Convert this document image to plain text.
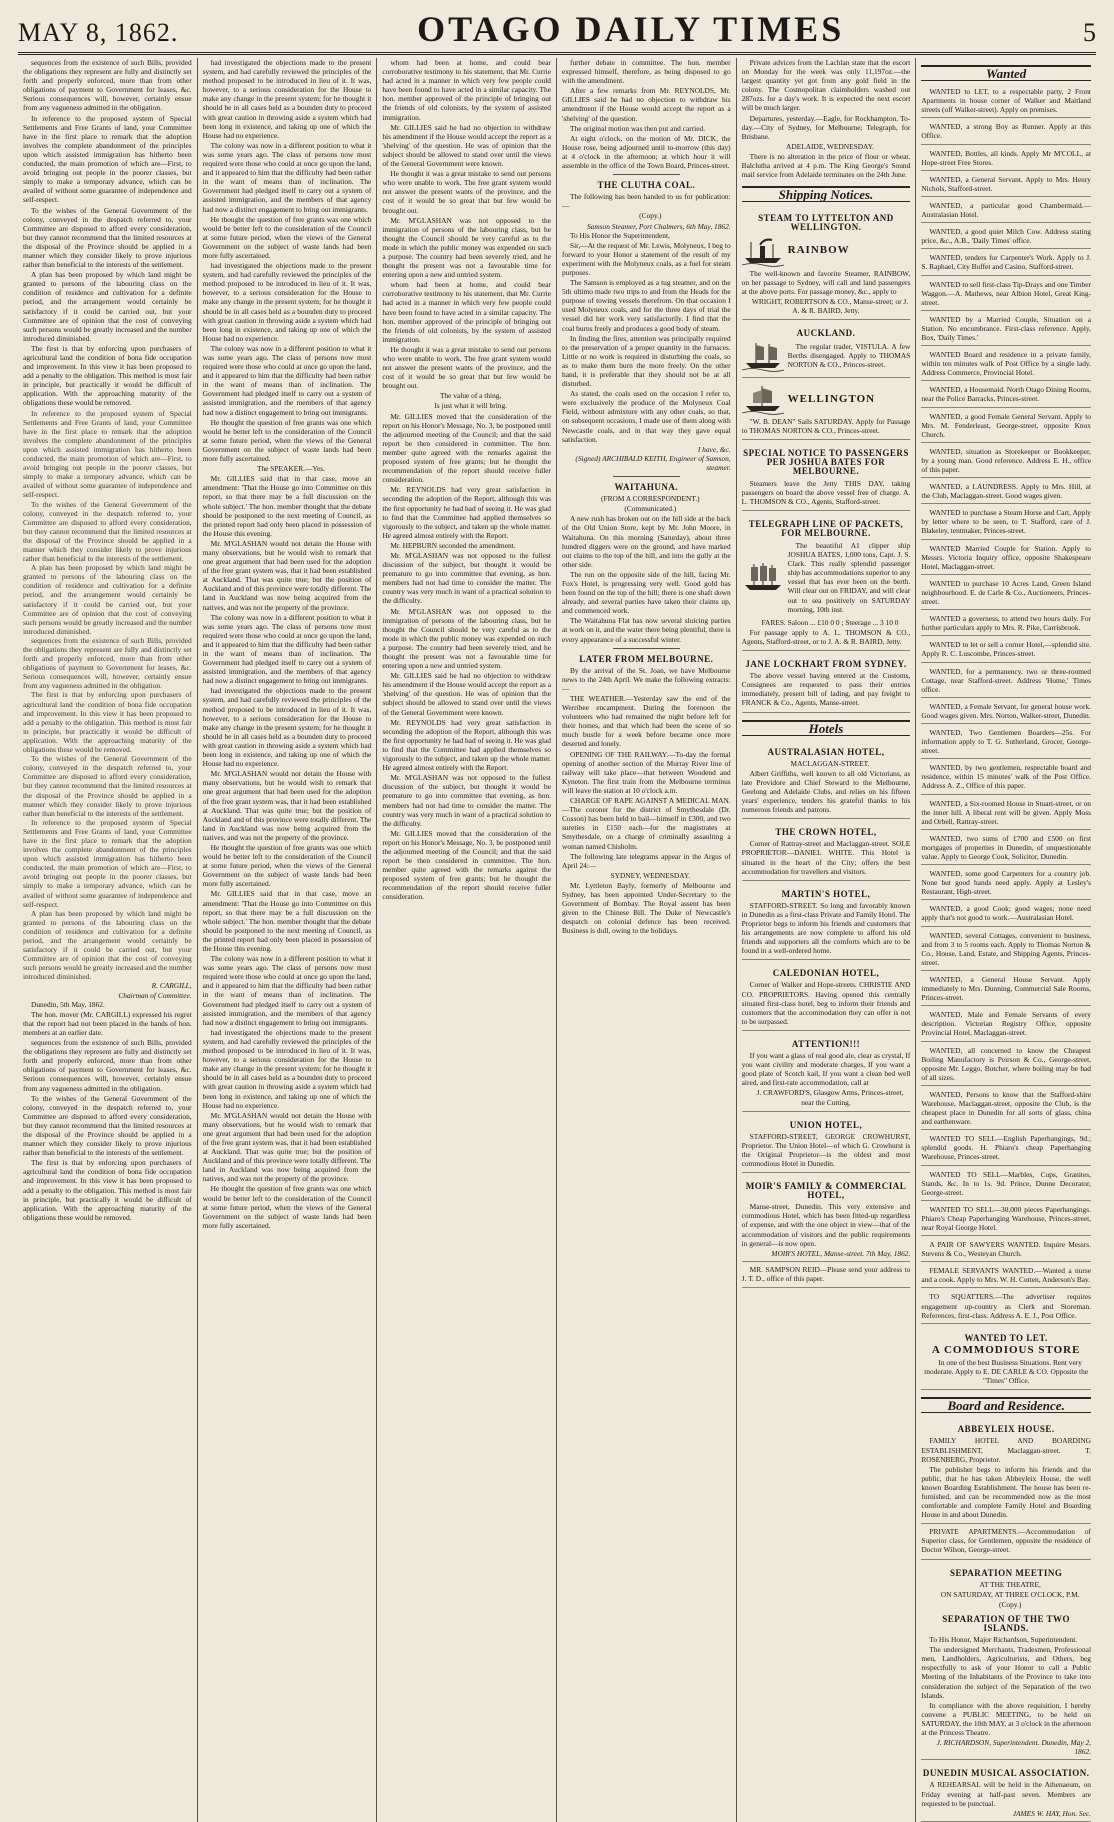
MAY 8, 1862.	OTAGO DAILY TIMES	5

sequences from the existence of such Bills, provided the obligations they represent are fully and distinctly set forth and properly enforced, more than from other obligations of payment to Government for leases, &c. Serious consequences will, however, certainly ensue from any vagueness admitted in the obligation.

In reference to the proposed system of Special Settlements and Free Grants of land, your Committee have in the first place to remark that the adoption involves the complete abandonment of the principles upon which assisted immigration has hitherto been conducted, the main promotion of which are—First, to avoid bringing out people in the poorer classes, but simply to make a temporary advance, which can be availed of without some guarantee of independence and self-respect.

To the wishes of the General Government of the colony, conveyed in the despatch referred to, your Committee are disposed to afford every consideration, but they cannot recommend that the limited resources at the disposal of the Province should be applied in a manner which they consider likely to prove injurious rather than beneficial to the interests of the settlement.

A plan has been proposed by which land might be granted to persons of the labouring class on the condition of residence and cultivation for a definite period, and the arrangement would certainly be satisfactory if it could be carried out, but your Committee are of opinion that the cost of conveying such persons would be greatly increased and the number introduced diminished.

The first is that by enforcing upon purchasers of agricultural land the condition of bona fide occupation and improvement. In this view it has been proposed to add a penalty to the obligation. This method is most fair in principle, but practically it would be difficult of application. With the approaching maturity of the obligations these would be removed.

In reference to the proposed system of Special Settlements and Free Grants of land, your Committee have in the first place to remark that the adoption involves the complete abandonment of the principles upon which assisted immigration has hitherto been conducted, the main promotion of which are—First, to avoid bringing out people in the poorer classes, but simply to make a temporary advance, which can be availed of without some guarantee of independence and self-respect.

To the wishes of the General Government of the colony, conveyed in the despatch referred to, your Committee are disposed to afford every consideration, but they cannot recommend that the limited resources at the disposal of the Province should be applied in a manner which they consider likely to prove injurious rather than beneficial to the interests of the settlement.

A plan has been proposed by which land might be granted to persons of the labouring class on the condition of residence and cultivation for a definite period, and the arrangement would certainly be satisfactory if it could be carried out, but your Committee are of opinion that the cost of conveying such persons would be greatly increased and the number introduced diminished.

sequences from the existence of such Bills, provided the obligations they represent are fully and distinctly set forth and properly enforced, more than from other obligations of payment to Government for leases, &c. Serious consequences will, however, certainly ensue from any vagueness admitted in the obligation.

The first is that by enforcing upon purchasers of agricultural land the condition of bona fide occupation and improvement. In this view it has been proposed to add a penalty to the obligation. This method is most fair in principle, but practically it would be difficult of application. With the approaching maturity of the obligations these would be removed.

To the wishes of the General Government of the colony, conveyed in the despatch referred to, your Committee are disposed to afford every consideration, but they cannot recommend that the limited resources at the disposal of the Province should be applied in a manner which they consider likely to prove injurious rather than beneficial to the interests of the settlement.

In reference to the proposed system of Special Settlements and Free Grants of land, your Committee have in the first place to remark that the adoption involves the complete abandonment of the principles upon which assisted immigration has hitherto been conducted, the main promotion of which are—First, to avoid bringing out people in the poorer classes, but simply to make a temporary advance, which can be availed of without some guarantee of independence and self-respect.

A plan has been proposed by which land might be granted to persons of the labouring class on the condition of residence and cultivation for a definite period, and the arrangement would certainly be satisfactory if it could be carried out, but your Committee are of opinion that the cost of conveying such persons would be greatly increased and the number introduced diminished.

R. CARGILL,
Chairman of Committee.

Dunedin, 5th May, 1862.

The hon. mover (Mr. CARGILL) expressed his regret that the report had not been placed in the hands of hon. members at an earlier date.

sequences from the existence of such Bills, provided the obligations they represent are fully and distinctly set forth and properly enforced, more than from other obligations of payment to Government for leases, &c. Serious consequences will, however, certainly ensue from any vagueness admitted in the obligation.

To the wishes of the General Government of the colony, conveyed in the despatch referred to, your Committee are disposed to afford every consideration, but they cannot recommend that the limited resources at the disposal of the Province should be applied in a manner which they consider likely to prove injurious rather than beneficial to the interests of the settlement.

The first is that by enforcing upon purchasers of agricultural land the condition of bona fide occupation and improvement. In this view it has been proposed to add a penalty to the obligation. This method is most fair in principle, but practically it would be difficult of application. With the approaching maturity of the obligations these would be removed.

had investigated the objections made to the present system, and had carefully reviewed the principles of the method proposed to be introduced in lieu of it. It was, however, to a serious consideration for the House to make any change in the present system; for he thought it should be in all cases held as a bounden duty to proceed with great caution in throwing aside a system which had been long in existence, and taking up one of which the House had no experience.

The colony was now in a different position to what it was some years ago. The class of persons now most required were those who could at once go upon the land, and it appeared to him that the difficulty had been rather in the want of means than of inclination. The Government had pledged itself to carry out a system of assisted immigration, and the members of that agency had now a distinct engagement to bring out immigrants.

He thought the question of free grants was one which would be better left to the consideration of the Council at some future period, when the views of the General Government on the subject of waste lands had been more fully ascertained.

had investigated the objections made to the present system, and had carefully reviewed the principles of the method proposed to be introduced in lieu of it. It was, however, to a serious consideration for the House to make any change in the present system; for he thought it should be in all cases held as a bounden duty to proceed with great caution in throwing aside a system which had been long in existence, and taking up one of which the House had no experience.

The colony was now in a different position to what it was some years ago. The class of persons now most required were those who could at once go upon the land, and it appeared to him that the difficulty had been rather in the want of means than of inclination. The Government had pledged itself to carry out a system of assisted immigration, and the members of that agency had now a distinct engagement to bring out immigrants.

He thought the question of free grants was one which would be better left to the consideration of the Council at some future period, when the views of the General Government on the subject of waste lands had been more fully ascertained.

The SPEAKER.—Yes.

Mr. GILLIES said that in that case, move an amendment: 'That the House go into Committee on this report, so that there may be a full discussion on the whole subject.' The hon. member thought that the debate should be postponed to the next meeting of Council, as the printed report had only been placed in possession of the House this evening.

Mr. M'GLASHAN would not detain the House with many observations, but he would wish to remark that one great argument that had been used for the adoption of the free grant system was, that it had been established at Auckland. That was quite true; but the position of Auckland and of this province were totally different. The land in Auckland was now being acquired from the natives, and was not the property of the province.

The colony was now in a different position to what it was some years ago. The class of persons now most required were those who could at once go upon the land, and it appeared to him that the difficulty had been rather in the want of means than of inclination. The Government had pledged itself to carry out a system of assisted immigration, and the members of that agency had now a distinct engagement to bring out immigrants.

had investigated the objections made to the present system, and had carefully reviewed the principles of the method proposed to be introduced in lieu of it. It was, however, to a serious consideration for the House to make any change in the present system; for he thought it should be in all cases held as a bounden duty to proceed with great caution in throwing aside a system which had been long in existence, and taking up one of which the House had no experience.

Mr. M'GLASHAN would not detain the House with many observations, but he would wish to remark that one great argument that had been used for the adoption of the free grant system was, that it had been established at Auckland. That was quite true; but the position of Auckland and of this province were totally different. The land in Auckland was now being acquired from the natives, and was not the property of the province.

He thought the question of free grants was one which would be better left to the consideration of the Council at some future period, when the views of the General Government on the subject of waste lands had been more fully ascertained.

Mr. GILLIES said that in that case, move an amendment: 'That the House go into Committee on this report, so that there may be a full discussion on the whole subject.' The hon. member thought that the debate should be postponed to the next meeting of Council, as the printed report had only been placed in possession of the House this evening.

The colony was now in a different position to what it was some years ago. The class of persons now most required were those who could at once go upon the land, and it appeared to him that the difficulty had been rather in the want of means than of inclination. The Government had pledged itself to carry out a system of assisted immigration, and the members of that agency had now a distinct engagement to bring out immigrants.

had investigated the objections made to the present system, and had carefully reviewed the principles of the method proposed to be introduced in lieu of it. It was, however, to a serious consideration for the House to make any change in the present system; for he thought it should be in all cases held as a bounden duty to proceed with great caution in throwing aside a system which had been long in existence, and taking up one of which the House had no experience.

Mr. M'GLASHAN would not detain the House with many observations, but he would wish to remark that one great argument that had been used for the adoption of the free grant system was, that it had been established at Auckland. That was quite true; but the position of Auckland and of this province were totally different. The land in Auckland was now being acquired from the natives, and was not the property of the province.

He thought the question of free grants was one which would be better left to the consideration of the Council at some future period, when the views of the General Government on the subject of waste lands had been more fully ascertained.

whom had been at home, and could bear corroborative testimony to his statement, that Mr. Currie had acted in a manner in which very few people could have been found to have acted in a similar capacity. The hon. member approved of the principle of bringing out the friends of old colonists, by the system of assisted immigration.

Mr. GILLIES said he had no objection to withdraw his amendment if the House would accept the report as a 'shelving' of the question. He was of opinion that the subject should be allowed to stand over until the views of the General Government were known.

He thought it was a great mistake to send out persons who were unable to work. The free grant system would not answer the present wants of the province, and the cost of it would be so great that but few would be brought out.

Mr. M'GLASHAN was not opposed to the immigration of persons of the labouring class, but he thought the Council should be very careful as to the mode in which the public money was expended on such a purpose. The country had been severely tried, and he thought the present was not a favourable time for entering upon a new and untried system.

whom had been at home, and could bear corroborative testimony to his statement, that Mr. Currie had acted in a manner in which very few people could have been found to have acted in a similar capacity. The hon. member approved of the principle of bringing out the friends of old colonists, by the system of assisted immigration.

He thought it was a great mistake to send out persons who were unable to work. The free grant system would not answer the present wants of the province, and the cost of it would be so great that but few would be brought out.

The value of a thing,

Is just what it will bring.

Mr. GILLIES moved that the consideration of the report on his Honor's Message, No. 3, be postponed until the adjourned meeting of the Council; and that the said report be then considered in committee. The hon. member quite agreed with the remarks against the proposed system of free grants; but he thought the recommendation of the report should receive fuller consideration.

Mr. REYNOLDS had very great satisfaction in seconding the adoption of the Report, although this was the first opportunity he had had of seeing it. He was glad to find that the Committee had applied themselves so vigorously to the subject, and taken up the whole matter. He agreed almost entirely with the Report.

Mr. HEPBURN seconded the amendment.

Mr. M'GLASHAN was not opposed to the fullest discussion of the subject, but thought it would be premature to go into committee that evening, as hon. members had not had time to consider the matter. The country was very much in want of a practical solution to the difficulty.

Mr. M'GLASHAN was not opposed to the immigration of persons of the labouring class, but he thought the Council should be very careful as to the mode in which the public money was expended on such a purpose. The country had been severely tried, and he thought the present was not a favourable time for entering upon a new and untried system.

Mr. GILLIES said he had no objection to withdraw his amendment if the House would accept the report as a 'shelving' of the question. He was of opinion that the subject should be allowed to stand over until the views of the General Government were known.

Mr. REYNOLDS had very great satisfaction in seconding the adoption of the Report, although this was the first opportunity he had had of seeing it. He was glad to find that the Committee had applied themselves so vigorously to the subject, and taken up the whole matter. He agreed almost entirely with the Report.

Mr. M'GLASHAN was not opposed to the fullest discussion of the subject, but thought it would be premature to go into committee that evening, as hon. members had not had time to consider the matter. The country was very much in want of a practical solution to the difficulty.

Mr. GILLIES moved that the consideration of the report on his Honor's Message, No. 3, be postponed until the adjourned meeting of the Council; and that the said report be then considered in committee. The hon. member quite agreed with the remarks against the proposed system of free grants; but he thought the recommendation of the report should receive fuller consideration.

further debate in committee. The hon. member expressed himself, therefore, as being disposed to go with the amendment.

After a few remarks from Mr. REYNOLDS, Mr. GILLIES said he had no objection to withdraw his amendment if the House would accept the report as a 'shelving' of the question.

The original motion was then put and carried.

At eight o'clock, on the motion of Mr. DICK, the House rose, being adjourned until to-morrow (this day) at 4 o'clock in the afternoon; at which hour it will assemble in the office of the Town Board, Princes-street.

THE CLUTHA COAL.

The following has been handed to us for publication:—

(Copy.)

Samson Steamer, Port Chalmers, 6th May, 1862.

To His Honor the Superintendent,

Sir,—At the request of Mr. Lewis, Molyneux, I beg to forward to your Honor a statement of the result of my experiment with the Molyneux coals, as a fuel for steam purposes.

The Samson is employed as a tug steamer, and on the 5th ultimo made two trips to and from the Heads for the purpose of towing vessels therefrom. On that occasion I used Molyneux coals, and for the three days of trial the vessel did her work very satisfactorily. I find that the coal burns freely and produces a good body of steam.

In finding the fires, attention was principally required to the preservation of a proper quantity in the furnaces. Little or no work is required in disturbing the coals, so as to make them burn the more freely. On the other hand, it is preferable that they should not be at all disturbed.

As stated, the coals used on the occasion I refer to, were exclusively the produce of the Molyneux Coal Field, without admixture with any other coals, so that, on subsequent occasions, I made use of them along with Newcastle coals, and in that way they gave equal satisfaction.

I have, &c.
(Signed) ARCHIBALD KEITH, Engineer of Samson, steamer.
WAITAHUNA.

(FROM A CORRESPONDENT.)

(Communicated.)

A new rush has broken out on the hill side at the back of the Old Union Store, kept by Mr. John Moore, in Waitahuna. On this morning (Saturday), about three hundred diggers were on the ground, and have marked out claims to the top of the hill, and into the gully at the other side.

The run on the opposite side of the hill, facing Mr. Fox's Hotel, is progressing very well. Good gold has been found on the top of the hill; there is one shaft down already, and several parties have taken their claims up, and commenced work.

The Waitahuna Flat has now several sluicing parties at work on it, and the water there being plentiful, there is every appearance of a successful winter.

LATER FROM MELBOURNE.

By the arrival of the St. Joan, we have Melbourne news to the 24th April. We make the following extracts:—

THE WEATHER.—Yesterday saw the end of the Werribee encampment. During the forenoon the volunteers who had remained the night before left for their homes, and that which had been the scene of so much bustle for a week before became once more deserted and lonely.

OPENING OF THE RAILWAY.—To-day the formal opening of another section of the Murray River line of railway will take place—that between Woodend and Kyneton. The first train from the Melbourne terminus will leave the station at 10 o'clock a.m.

CHARGE OF RAPE AGAINST A MEDICAL MAN.—The coroner for the district of Smythesdale (Dr. Cosson) has been held to bail—himself in £300, and two sureties in £150 each—for the magistrates at Smythesdale, on a charge of criminally assaulting a woman named Chisholm.

The following late telegrams appear in the Argus of April 24:—

SYDNEY, WEDNESDAY.

Mr. Lyttleton Bayly, formerly of Melbourne and Sydney, has been appointed Under-Secretary to the Government of Bombay. The Royal assent has been given to the Chinese Bill. The Duke of Newcastle's despatch on colonial defence has been received. Business is dull, owing to the holidays.

Private advices from the Lachlan state that the escort on Monday for the week was only 11,197oz.—the largest quantity yet got from any gold field in the colony. The Cosmopolitan claimholders washed out 287ozs. for a day's work. It is expected the next escort will be much larger.

Departures, yesterday.—Eagle, for Rockhampton. To-day.—City of Sydney, for Melbourne; Telegraph, for Brisbane.

ADELAIDE, WEDNESDAY.

There is no alteration in the price of flour or wheat. Balclutha arrived at 4 p.m. The King George's Sound mail service from Adelaide terminates on the 24th June.

Shipping Notices.
STEAM TO LYTTELTON AND WELLINGTON.
RAINBOW

The well-known and favorite Steamer, RAINBOW, on her passage to Sydney, will call and land passengers at the above ports. For passage money, &c., apply to

WRIGHT, ROBERTSON & CO., Manse-street; or J. A. & R. BAIRD, Jetty.

AUCKLAND.

The regular trader, VISTULA. A few Berths disengaged. Apply to THOMAS NORTON & CO., Princes-street.

WELLINGTON

"W. B. DEAN" Sails SATURDAY. Apply for Passage to THOMAS NORTON & CO., Princes-street.

SPECIAL NOTICE TO PASSENGERS PER JOSHUA BATES FOR MELBOURNE.

Steamers leave the Jetty THIS DAY, taking passengers on board the above vessel free of charge. A. L. THOMSON & CO., Agents, Stafford-street.

TELEGRAPH LINE OF PACKETS, FOR MELBOURNE.

The beautiful A1 clipper ship JOSHUA BATES, 1,000 tons, Capt. J. S. Clark. This really splendid passenger ship has accommodations superior to any vessel that has ever been on the berth. Will clear out on FRIDAY, and will clear out to sea positively on SATURDAY morning, 10th inst.

FARES. Saloon ... £10 0 0 ; Steerage ... 3 10 0

For passage apply to A. L. THOMSON & CO., Agents, Stafford-street, or to J. A. & R. BAIRD, Jetty.

JANE LOCKHART FROM SYDNEY.

The above vessel having entered at the Customs, Consignees are requested to pass their entries immediately, present bill of lading, and pay freight to FRANCK & Co., Agents, Manse-street.

Hotels
AUSTRALASIAN HOTEL,

MACLAGGAN-STREET.

Albert Griffiths, well known to all old Victorians, as late Providore and Chief Steward to the Melbourne, Geelong and Adelaide Clubs, and relies on his fifteen years' experience, tenders his grateful thanks to his numerous friends and patrons.

THE CROWN HOTEL,

Corner of Rattray-street and Maclaggan-street. SOLE PROPRIETOR—DANIEL WHITE. This Hotel is situated in the heart of the City; offers the best accommodation for travellers and visitors.

MARTIN'S HOTEL,

STAFFORD-STREET. So long and favorably known in Dunedin as a first-class Private and Family Hotel. The Proprietor begs to inform his friends and customers that his arrangements are now complete to afford his old friends and supporters all the comforts which are to be found in a well-ordered home.

CALEDONIAN HOTEL,

Corner of Walker and Hope-streets. CHRISTIE AND CO. PROPRIETORS. Having opened this centrally situated first-class hotel, beg to inform their friends and customers that the accommodation they can offer is not to be surpassed.

ATTENTION!!!

If you want a glass of real good ale, clear as crystal, If you want civility and moderate charges, If you want a good plate of Scotch kail, If you want a clean bed well aired, and first-rate accommodation, call at

J. CRAWFORD'S, Glasgow Arms, Princes-street, near the Cutting.

UNION HOTEL,

STAFFORD-STREET, GEORGE CROWHURST, Proprietor. The Union Hotel—of which G. Crowhurst is the Original Proprietor—is the oldest and most commodious Hotel in Dunedin.

MOIR'S FAMILY & COMMERCIAL HOTEL,

Manse-street, Dunedin. This very extensive and commodious Hotel, which has been fitted-up regardless of expense, and with the one object in view—that of the accommodation of visitors and the public requirements in general—is now open.

MOIR'S HOTEL, Manse-street. 7th May, 1862.

MR. SAMPSON REID—Please send your address to J. T. D., office of this paper.

Wanted

WANTED to LET, to a respectable party, 2 Front Apartments in house corner of Walker and Maitland streets (off Walker-street). Apply on premises.

WANTED, a strong Boy as Runner. Apply at this Office.

WANTED, Bottles, all kinds. Apply Mr M'COLL, at Hope-street Free Stores.

WANTED, a General Servant. Apply to Mrs. Henry Nichols, Stafford-street.

WANTED, a particular good Chambermaid.—Australasian Hotel.

WANTED, a good quiet Milch Cow. Address stating price, &c., A.B., 'Daily Times' office.

WANTED, tenders for Carpenter's Work. Apply to J. S. Raphael, City Buffet and Casino, Stafford-street.

WANTED to sell first-class Tip-Drays and one Timber Waggon.—A. Mathews, near Albion Hotel, Great King-street.

WANTED by a Married Couple, Situation on a Station. No encumbrance. First-class reference. Apply, Box, 'Daily Times.'

WANTED Board and residence in a private family, within ten minutes walk of Post Office by a single lady. Address Commerce, Provincial Hotel.

WANTED, a Housemaid. North Otago Dining Rooms, near the Police Barracks, Princes-street.

WANTED, a good Female General Servant. Apply to Mrs. M. Fenderleast, George-street, opposite Knox Church.

WANTED, situation as Storekeeper or Bookkeeper, by a young man. Good reference. Address E. H., office of this paper.

WANTED, a LAUNDRESS. Apply to Mrs. Hill, at the Club, Maclaggan-street. Good wages given.

WANTED to purchase a Steam Horse and Cart, Apply by letter where to be seen, to T. Stafford, care of J. Blakeley, tentmaker, Princes-street.

WANTED Married Couple for Station. Apply to Messrs. Victoria Inquiry office, opposite Shakespeare Hotel, Maclaggan-street.

WANTED to purchase 10 Acres Land, Green Island neighbourhood. E. de Carle & Co., Auctioneers, Princes-street.

WANTED a governess, to attend two hours daily. For further particulars apply to Mrs. R. Pike, Carrisbrook.

WANTED to let or sell a corner Hotel,—splendid site. Apply R. C. Luscombe, Princes-street.

WANTED, for a permanency, two or three-roomed Cottage, near Stafford-street. Address 'Home,' Times office.

WANTED, a Female Servant, for general house work. Good wages given. Mrs. Norton, Walker-street, Dunedin.

WANTED, Two Gentlemen Boarders—25s. For information apply to T. G. Sutherland, Grocer, George-street.

WANTED, by two gentlemen, respectable board and residence, within 15 minutes' walk of the Post Office. Address A. Z., Office of this paper.

WANTED, a Six-roomed House in Stuart-street, or on the inner hill. A liberal rent will be given. Apply Moss and Orbell, Rattray-street.

WANTED, two sums of £700 and £500 on first mortgages of properties in Dunedin, of unquestionable value. Apply to George Cook, Solicitor, Dunedin.

WANTED, some good Carpenters for a country job. None but good hands need apply. Apply at Lesley's Restaurant, High-street.

WANTED, a good Cook; good wages; none need apply that's not good to work.—Australasian Hotel.

WANTED, several Cottages, convenient to business, and from 3 to 5 rooms each. Apply to Thomas Norton & Co., House, Land, Estate, and Shipping Agents, Princes-street.

WANTED, a General House Servant. Apply immediately to Mrs. Dunning, Commercial Sale Rooms, Princes-street.

WANTED, Male and Female Servants of every description. Victorian Registry Office, opposite Provincial Hotel, Maclaggan-street.

WANTED, all concerned to know the Cheapest Boiling Manufactory is Peirson & Co., George-street, opposite Mr. Leggo, Butcher, where boiling may be had of all sizes.

WANTED, Persons to know that the Stafford-shire Warehouse, Maclaggan-street, opposite the Club, is the cheapest place in Dunedin for all sorts of glass, china and earthenware.

WANTED TO SELL—English Paperhangings, 9d.; splendid goods. H. Phiaro's cheap Paperhanging Warehouse, Princes-street.

WANTED TO SELL—Marbles, Cups, Granites, Stands, &c. In to 1s. 9d. Prince, Dunne Decorator, George-street.

WANTED TO SELL—30,000 pieces Paperhangings. Phiaro's Cheap Paperhanging Warehouse, Princes-street, near Royal George Hotel.

A PAIR OF SAWYERS WANTED. Inquire Messrs. Stevens & Co., Westeyan Church.

FEMALE SERVANTS WANTED.—Wanted a nurse and a cook. Apply to Mrs. W. H. Cutten, Anderson's Bay.

TO SQUATTERS.—The advertiser requires engagement up-country as Clerk and Storeman. References, first-class. Address A. E. J., Post Office.

WANTED TO LET.
A COMMODIOUS STORE

In one of the best Business Situations. Rent very moderate. Apply to E. DE CARLE & CO. Opposite the "Times" Office.

Board and Residence.
ABBEYLEIX HOUSE.

FAMILY HOTEL AND BOARDING ESTABLISHMENT, Maclaggan-street. T. ROSENBERG, Proprietor.

The publisher begs to inform his friends and the public, that he has taken Abbeyleix House, the well known Boarding Establishment. The house has been re-furnished, and can be recommended now as the most comfortable and complete Family Hotel and Boarding House in and about Dunedin.

PRIVATE APARTMENTS.—Accommodation of Superior class, for Gentlemen, opposite the residence of Doctor Wilson, George-street.

SEPARATION MEETING

AT THE THEATRE,

ON SATURDAY, AT THREE O'CLOCK, P.M.

(Copy.)

SEPARATION OF THE TWO ISLANDS.

To His Honor, Major Richardson, Superintendent.

The undersigned Merchants, Tradesmen, Professional men, Landholders, Agriculturists, and Others, beg respectfully to ask of your Honor to call a Public Meeting of the Inhabitants of the Province to take into consideration the subject of the Separation of the two Islands.

In compliance with the above requisition, I hereby convene a PUBLIC MEETING, to be held on SATURDAY, the 10th MAY, at 3 o'clock in the afternoon at the Princess Theatre.

J. RICHARDSON, Superintendent. Dunedin, May 2, 1862.
DUNEDIN MUSICAL ASSOCIATION.

A REHEARSAL will be held in the Athenaeum, on Friday evening at half-past seven. Members are requested to be punctual.

JAMES W. HAY, Hon. Sec.
